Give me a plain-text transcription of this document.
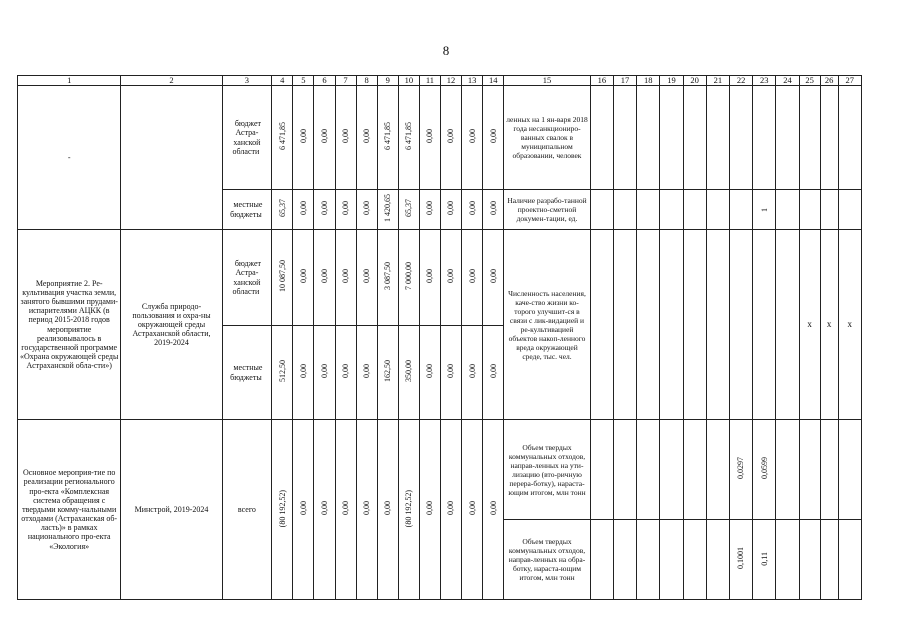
8
1	2	3	4	5	6	7	8	9	10	11	12	13	14	15	16	17	18	19	20	21	22	23	24	25	26	27
-		бюджет Астра-ханской области	6 471,85	0,00	0,00	0,00	0,00	6 471,85	6 471,85	0,00	0,00	0,00	0,00	ленных на 1 ян-варя 2018 года несанкциониро-ванных свалок в муниципальном образовании, человек												

		местные бюджеты	65,37	0,00	0,00	0,00	0,00	1 420,65	65,37	0,00	0,00	0,00	0,00	Наличие разрабо-танной проектно-сметной докумен-тации, ед.								1				

Мероприятие 2. Ре-культивация участка земли, занятого бывшими прудами-испарителями АЦКК (в период 2015-2018 годов мероприятие реализовывалось в государственной программе «Охрана окружающей среды Астраханской обла-сти»)	Служба природо-пользования и охра-ны окружающей среды Астраханской области, 2019-2024	бюджет Астра-ханской области	10 087,50	0,00	0,00	0,00	0,00	3 087,50	7 000,00	0,00	0,00	0,00	0,00	Численность населения, каче-ство жизни ко-торого улучшит-ся в связи с лик-видацией и ре-культивацией объектов накоп-ленного вреда окружающей среде, тыс. чел.										х	х	х
		местные бюджеты	512,50	0,00	0,00	0,00	0,00	162,50	350,00	0,00	0,00	0,00	0,00													

Основное мероприя-тие по реализации регионального про-екта «Комплексная система обращения с твердыми комму-нальными отходами (Астраханская об-ласть)» в рамках национального про-екта «Экология»	Минстрой, 2019-2024	всего	(80 192,52)	0,00	0,00	0,00	0,00	0,00	(80 192,52)	0,00	0,00	0,00	0,00	Объем твердых коммунальных отходов, направ-ленных на ути-лизацию (вто-ричную перера-ботку), нараста-ющим итогом, млн тонн							0,0297	0,0599				

														Объем твердых коммунальных отходов, направ-ленных на обра-ботку, нараста-ющим итогом, млн тонн							0,1001	0,11				
